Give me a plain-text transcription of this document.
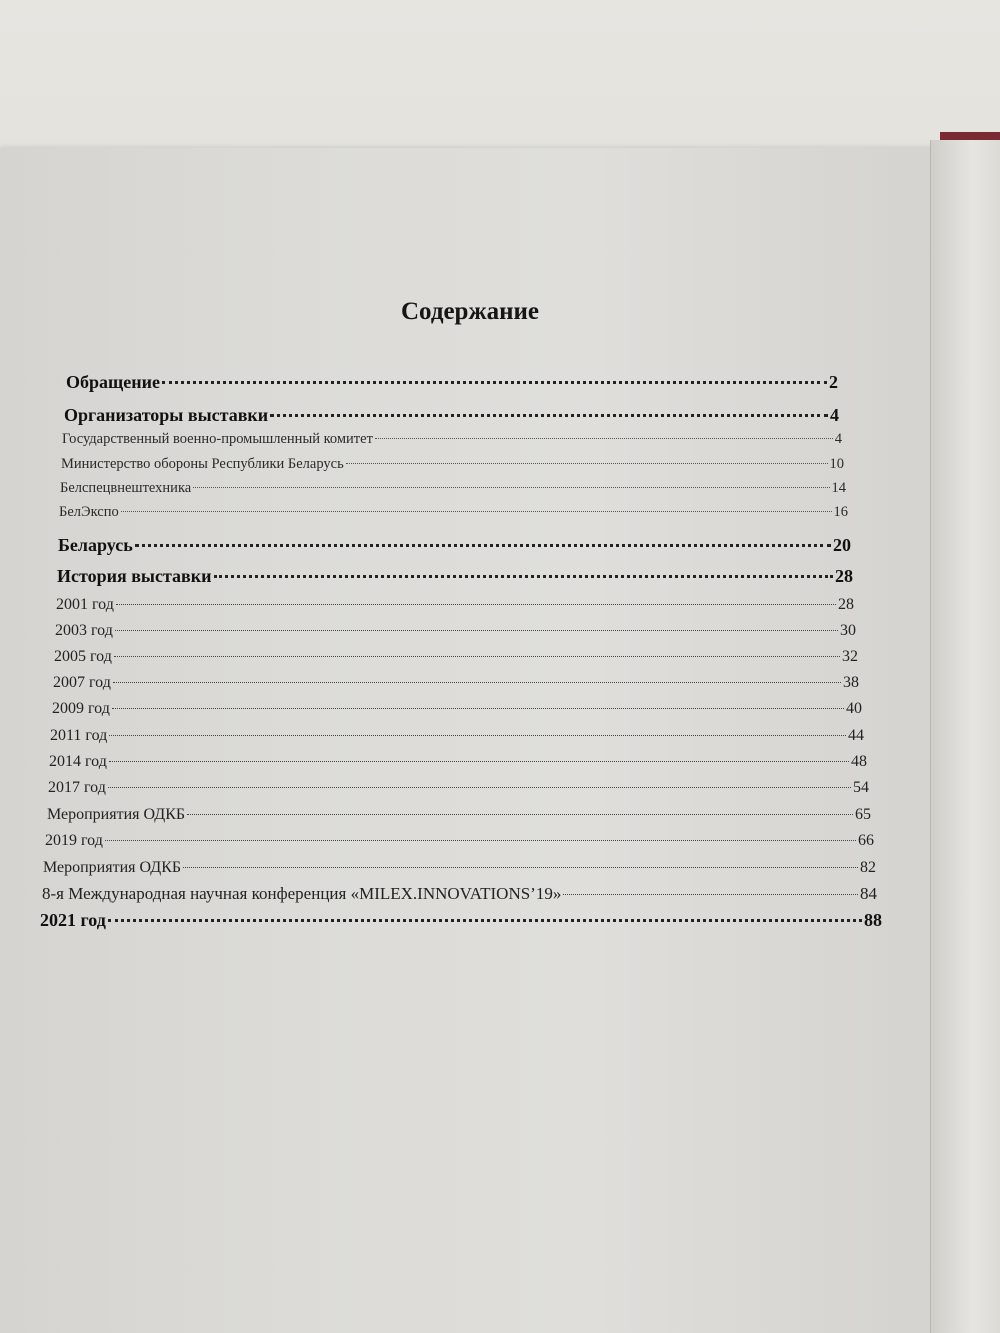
Содержание
Обращение	2
Организаторы выставки	4
Государственный военно-промышленный комитет	4
Министерство обороны Республики Беларусь	10
Белспецвнештехника	14
БелЭкспо	16
Беларусь	20
История выставки	28
2001 год	28
2003 год	30
2005 год	32
2007 год	38
2009 год	40
2011 год	44
2014 год	48
2017 год	54
Мероприятия ОДКБ	65
2019 год	66
Мероприятия ОДКБ	82
8-я Международная научная конференция «MILEX.INNOVATIONS’19»	84
2021 год	88
